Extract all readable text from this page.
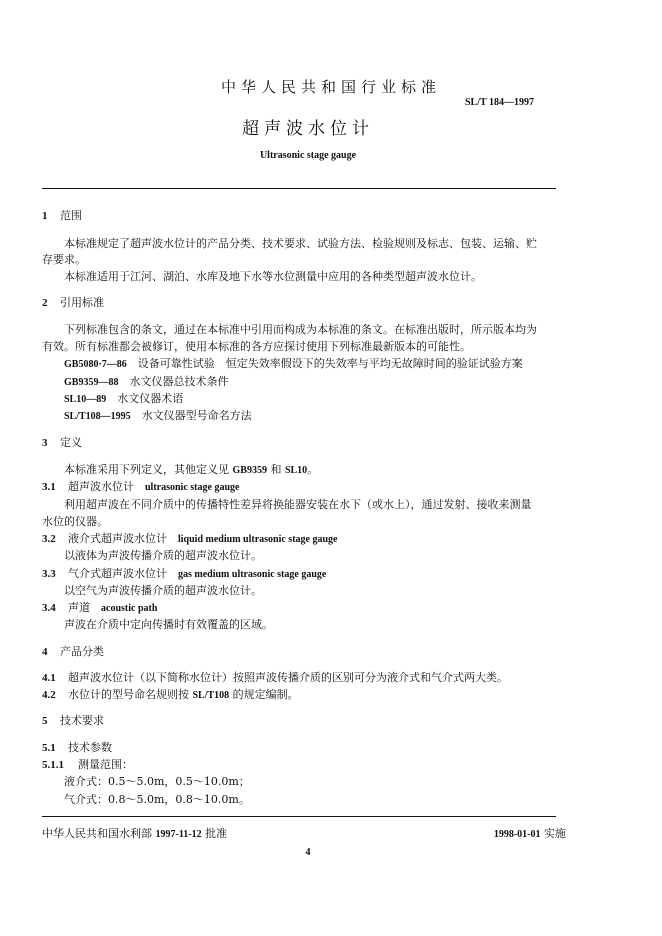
中华人民共和国行业标准
SL/T 184—1997
超声波水位计
Ultrasonic stage gauge
1 范围
本标准规定了超声波水位计的产品分类、技术要求、试验方法、检验规则及标志、包装、运输、贮
存要求。
本标准适用于江河、湖泊、水库及地下水等水位测量中应用的各种类型超声波水位计。
2 引用标准
下列标准包含的条文，通过在本标准中引用而构成为本标准的条文。在标准出版时，所示版本均为
有效。所有标准都会被修订，使用本标准的各方应探讨使用下列标准最新版本的可能性。
GB5080·7—86　 设备可靠性试验　恒定失效率假设下的失效率与平均无故障时间的验证试验方案
GB9359—88　 水文仪器总技术条件
SL10—89　 水文仪器术语
SL/T108—1995　 水文仪器型号命名方法
3 定义
本标准采用下列定义，其他定义见 GB9359 和 SL10。
3.1 超声波水位计　 ultrasonic stage gauge
利用超声波在不同介质中的传播特性差异将换能器安装在水下（或水上），通过发射、接收来测量
水位的仪器。
3.2 液介式超声波水位计　 liquid medium ultrasonic stage gauge
以液体为声波传播介质的超声波水位计。
3.3 气介式超声波水位计　 gas medium ultrasonic stage gauge
以空气为声波传播介质的超声波水位计。
3.4 声道　 acoustic path
声波在介质中定向传播时有效覆盖的区域。
4 产品分类
4.1 超声波水位计（以下简称水位计）按照声波传播介质的区别可分为液介式和气介式两大类。
4.2 水位计的型号命名规则按 SL/T108 的规定编制。
5 技术要求
5.1 技术参数
5.1.1 测量范围：
液介式：0.5～5.0m，0.5～10.0m；
气介式：0.8～5.0m，0.8～10.0m。
中华人民共和国水利部 1997-11-12 批准	1998-01-01 实施
4
